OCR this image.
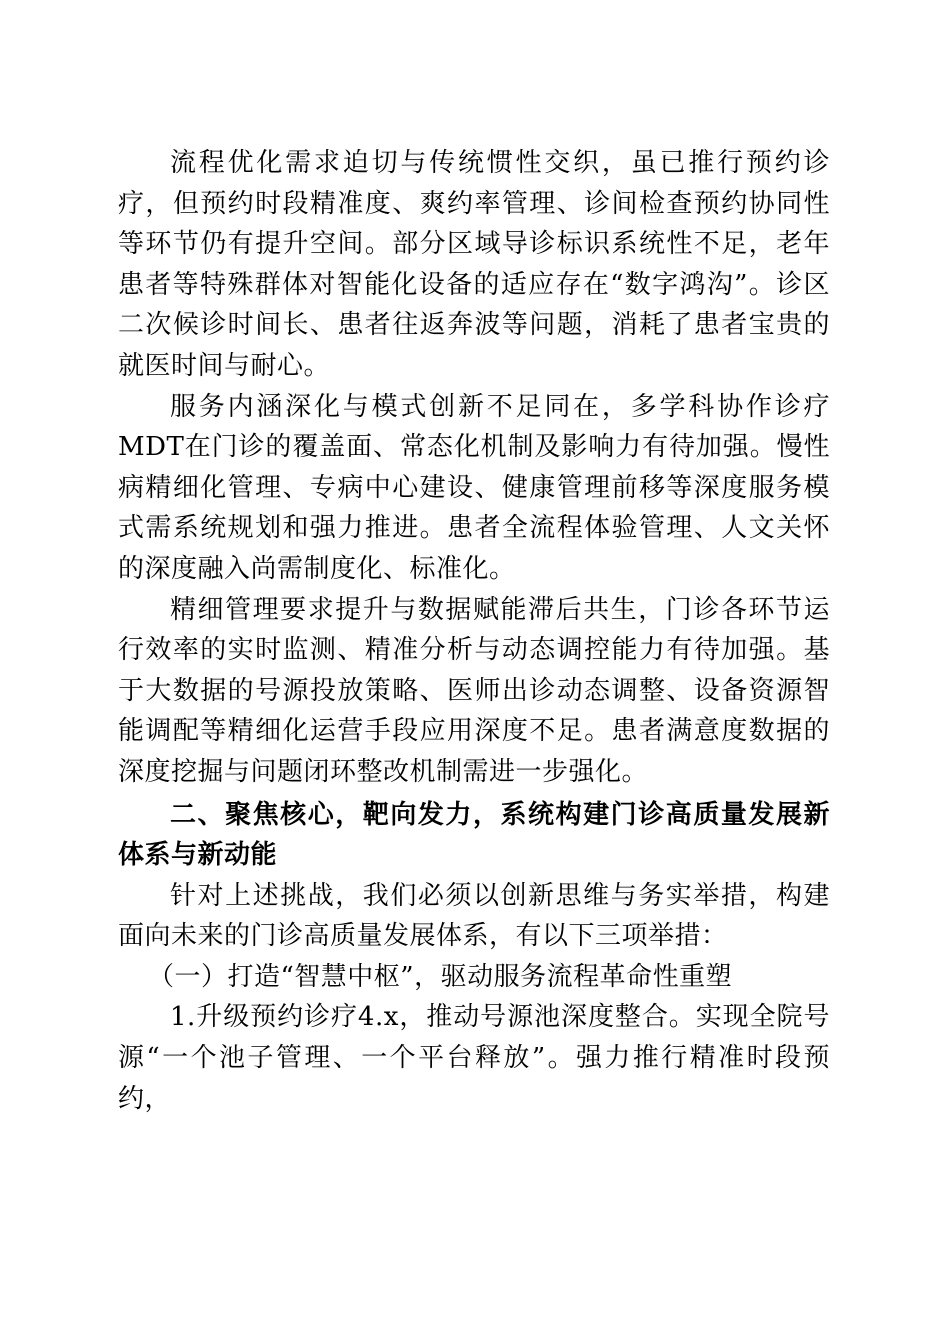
流程优化需求迫切与传统惯性交织，虽已推行预约诊疗，但预约时段精准度、爽约率管理、诊间检查预约协同性等环节仍有提升空间。部分区域导诊标识系统性不足，老年患者等特殊群体对智能化设备的适应存在“数字鸿沟”。诊区二次候诊时间长、患者往返奔波等问题，消耗了患者宝贵的就医时间与耐心。

服务内涵深化与模式创新不足同在，多学科协作诊疗MDT在门诊的覆盖面、常态化机制及影响力有待加强。慢性病精细化管理、专病中心建设、健康管理前移等深度服务模式需系统规划和强力推进。患者全流程体验管理、人文关怀的深度融入尚需制度化、标准化。

精细管理要求提升与数据赋能滞后共生，门诊各环节运行效率的实时监测、精准分析与动态调控能力有待加强。基于大数据的号源投放策略、医师出诊动态调整、设备资源智能调配等精细化运营手段应用深度不足。患者满意度数据的深度挖掘与问题闭环整改机制需进一步强化。

二、聚焦核心，靶向发力，系统构建门诊高质量发展新体系与新动能

针对上述挑战，我们必须以创新思维与务实举措，构建面向未来的门诊高质量发展体系，有以下三项举措：

（一）打造“智慧中枢”，驱动服务流程革命性重塑

1.升级预约诊疗4.x，推动号源池深度整合。实现全院号源“一个池子管理、一个平台释放”。强力推行精准时段预约，
